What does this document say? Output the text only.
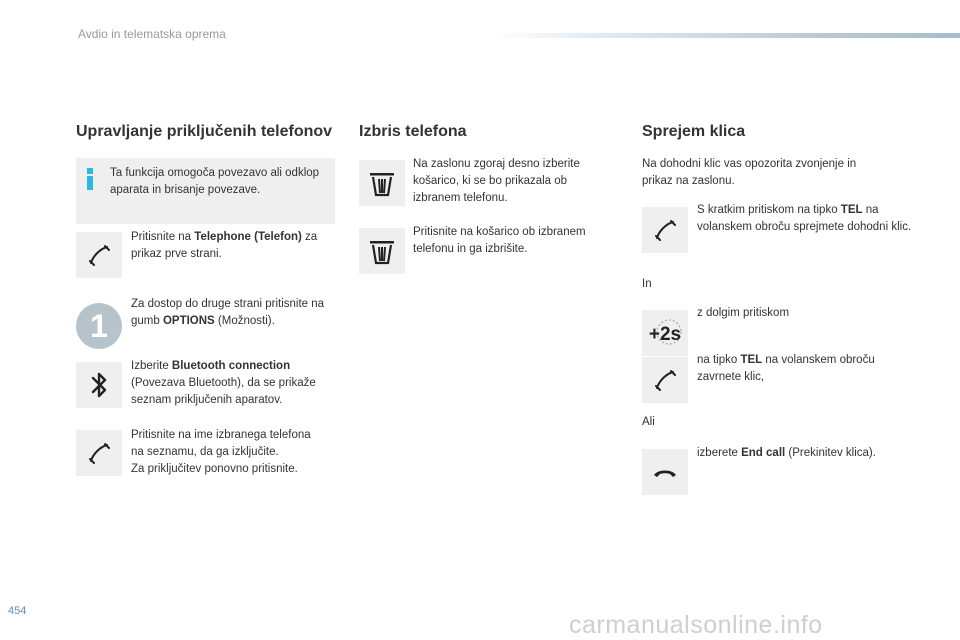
Avdio in telematska oprema
Upravljanje priključenih telefonov
Ta funkcija omogoča povezavo ali odklop aparata in brisanje povezave.
Pritisnite na Telephone (Telefon) za prikaz prve strani.
1
Za dostop do druge strani pritisnite na gumb OPTIONS (Možnosti).
Izberite Bluetooth connection (Povezava Bluetooth), da se prikaže seznam priključenih aparatov.
Pritisnite na ime izbranega telefona
na seznamu, da ga izključite.
Za priključitev ponovno pritisnite.
Izbris telefona
Na zaslonu zgoraj desno izberite košarico, ki se bo prikazala ob izbranem telefonu.
Pritisnite na košarico ob izbranem telefonu in ga izbrišite.
Sprejem klica
Na dohodni klic vas opozorita zvonjenje in prikaz na zaslonu.
S kratkim pritiskom na tipko TEL na volanskem obroču sprejmete dohodni klic.
In
+2s
z dolgim pritiskom
na tipko TEL na volanskem obroču zavrnete klic,
Ali
izberete End call (Prekinitev klica).
454	carmanualsonline.info
